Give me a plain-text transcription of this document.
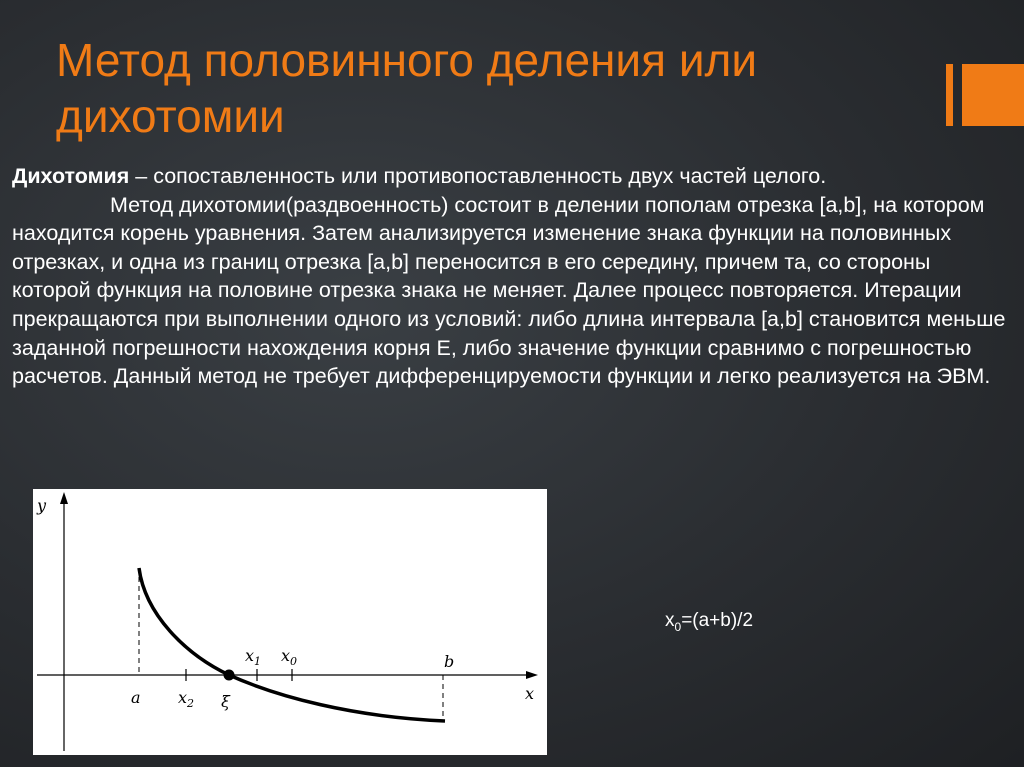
Метод половинного деления или дихотомии
Дихотомия – сопоставленность или противопоставленность двух частей целого.
Метод дихотомии(раздвоенность) состоит в делении пополам отрезка [a,b], на котором находится корень уравнения. Затем анализируется изменение знака функции на половинных отрезках, и одна из границ отрезка [a,b] переносится в его середину, причем та, со стороны которой функция на половине отрезка знака не меняет. Далее процесс повторяется. Итерации прекращаются при выполнении одного из условий: либо длина интервала [a,b] становится меньше заданной погрешности нахождения корня E, либо значение функции сравнимо с погрешностью расчетов. Данный метод не требует дифференцируемости функции и легко реализуется на ЭВМ.
y
x
a $x_2$ ξ
$x_1$ $x_0$	b
$x_0=(a+b)/2$
